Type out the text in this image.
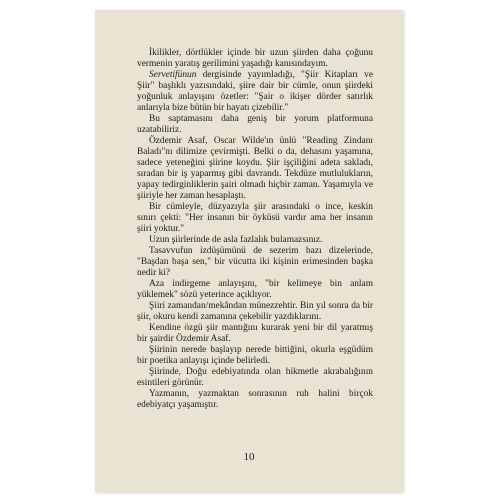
İkilikler, dörtlükler içinde bir uzun şiirden daha çoğunu vermenin yaratış gerilimini yaşadığı kanısındayım.

Servetifünun dergisinde yayımladığı, "Şiir Kitapları ve Şiir" başlıklı yazısındaki, şiire dair bir cümle, onun şiirdeki yoğunluk anlayışını özetler: "Şair o ikişer dörder satırlık anlarıyla bize bütün bir hayatı çizebilir."

Bu saptamasını daha geniş bir yorum platformuna uzatabiliriz.

Özdemir Asaf, Oscar Wilde'ın ünlü "Reading Zindanı Baladı"nı dilimize çevirmişti. Belki o da, dehasını yaşamına, sadece yeteneğini şiirine koydu. Şiir işçiliğini adeta sakladı, sıradan bir iş yaparmış gibi davrandı. Tekdüze mutlulukların, yapay tedirginliklerin şairi olmadı hiçbir zaman. Yaşamıyla ve şiiriyle her zaman hesaplaştı.

Bir cümleyle, düzyazıyla şiir arasındaki o ince, keskin sınırı çekti: "Her insanın bir öyküsü vardır ama her insanın şiiri yoktur."

Uzun şiirlerinde de asla fazlalık bulamazsınız.

Tasavvufun izdüşümünü de sezerim bazı dizelerinde, "Başdan başa sen," bir vücutta iki kişinin erimesinden başka nedir ki?

Aza indirgeme anlayışını, "bir kelimeye bin anlam yüklemek" sözü yeterince açıklıyor.

Şiiri zamandan/mekândan münezzehtir. Bin yıl sonra da bir şiir, okuru kendi zamanına çekebilir yazdıklarını.

Kendine özgü şiir mantığını kurarak yeni bir dil yaratmış bir şairdir Özdemir Asaf.

Şiirinin nerede başlayıp nerede bittiğini, okurla eşgüdüm bir poetika anlayışı içinde belirledi.

Şiirinde, Doğu edebiyatında olan hikmetle akrabalığının esintileri görünür.

Yazmanın, yazmaktan sonrasının ruh halini birçok edebiyatçı yaşamıştır.

10
